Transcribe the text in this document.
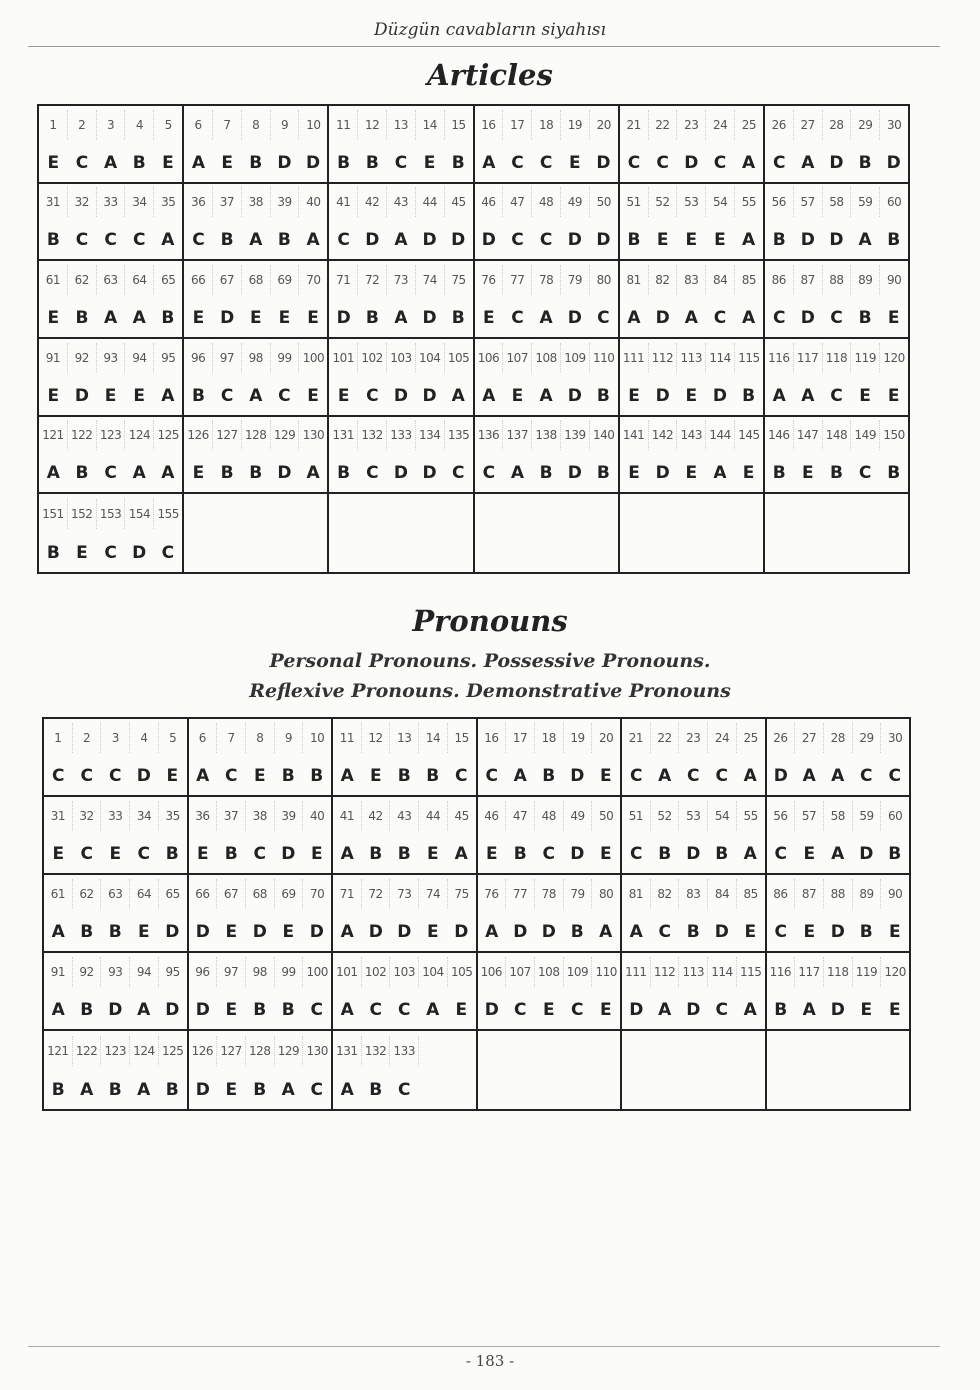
Düzgün cavabların siyahısı
Articles
1	2	3	4	5
E C A B E
6	7	8	9	10
A E B D D
11	12	13	14	15
B B C E B
16	17	18	19	20
A C C E D
21	22	23	24	25
C C D C A
26	27	28	29	30
C A D B D
31	32	33	34	35
B C C C A
36	37	38	39	40
C B A B A
41	42	43	44	45
C D A D D
46	47	48	49	50
D C C D D
51	52	53	54	55
B E	E	E A
56	57	58	59	60
B D D A B
61	62	63	64	65
E B A A B
66	67	68	69	70
E D E	E	E
71	72	73	74	75
D B A D B
76	77	78	79	80
E C A D C
81	82	83	84	85
A D A C A
86	87	88	89	90
C D C B E
91	92	93	94	95
E D E	E A
96	97	98	99 100
B C A C E
101 102 103 104 105
E C D D A
106 107 108 109 110
A E A D B
111 112 113 114 115
E D E D B
116 117 118 119 120
A A C E	E
121 122 123 124 125
A B C A A
126 127 128 129 130
E B B D A
131 132 133 134 135
B C D D C
136 137 138 139 140
C A B D B
141 142 143 144 145
E D E A E
146 147 148 149 150
B E B C B
151 152 153 154 155
B E C D C
Pronouns
Personal Pronouns. Possessive Pronouns.
Reflexive Pronouns. Demonstrative Pronouns
1	2	3	4	5
C C C D E
6	7	8	9	10
A C E B B
11	12	13	14	15
A E B B C
16	17	18	19	20
C A B D E
21	22	23	24	25
C A C C A
26	27	28	29	30
D A A C C
31	32	33	34	35
E C E C B
36	37	38	39	40
E B C D E
41	42	43	44	45
A B B E A
46	47	48	49	50
E B C D E
51	52	53	54	55
C B D B A
56	57	58	59	60
C E A D B
61	62	63	64	65
A B B E D
66	67	68	69	70
D E D E D
71	72	73	74	75
A D D E D
76	77	78	79	80
A D D B A
81	82	83	84	85
A C B D E
86	87	88	89	90
C E D B E
91	92	93	94	95
A B D A D
96	97	98	99 100
D E B B C
101 102 103 104 105
A C C A E
106 107 108 109 110
D C E C E
111 112 113 114 115
D A D C A
116 117 118 119 120
B A D E E
121 122 123 124 125
B A B A B
126 127 128 129 130
D E B A C
131 132 133
A B C
- 183 -
